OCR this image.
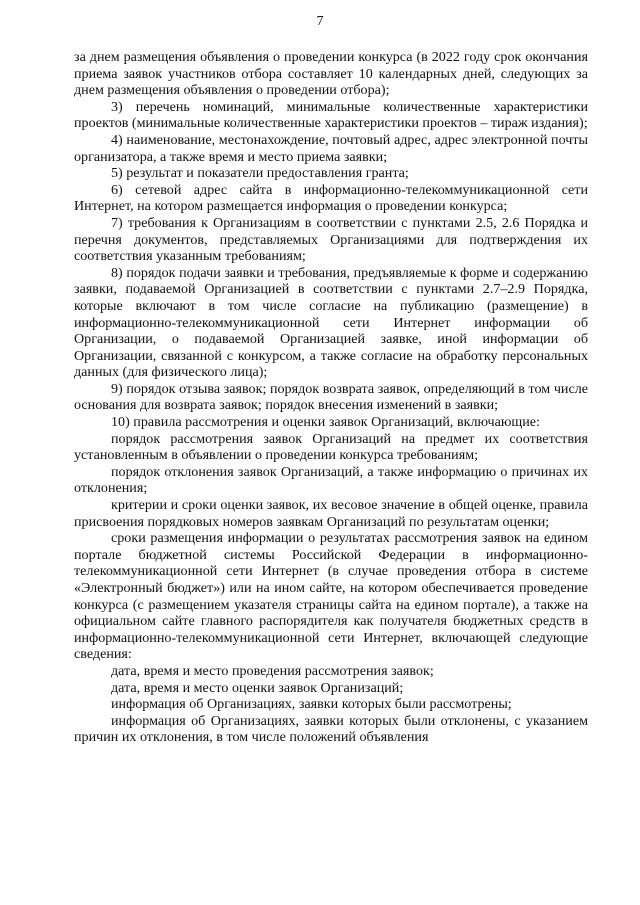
7

за днем размещения объявления о проведении конкурса (в 2022 году срок окончания приема заявок участников отбора составляет 10 календарных дней, следующих за днем размещения объявления о проведении отбора);

3) перечень номинаций, минимальные количественные характеристики проектов (минимальные количественные характеристики проектов – тираж издания);

4) наименование, местонахождение, почтовый адрес, адрес электронной почты организатора, а также время и место приема заявки;

5) результат и показатели предоставления гранта;

6) сетевой адрес сайта в информационно-телекоммуникационной сети Интернет, на котором размещается информация о проведении конкурса;

7) требования к Организациям в соответствии с пунктами 2.5, 2.6 Порядка и перечня документов, представляемых Организациями для подтверждения их соответствия указанным требованиям;

8) порядок подачи заявки и требования, предъявляемые к форме и содержанию заявки, подаваемой Организацией в соответствии с пунктами 2.7–2.9 Порядка, которые включают в том числе согласие на публикацию (размещение) в информационно-телекоммуникационной сети Интернет информации об Организации, о подаваемой Организацией заявке, иной информации об Организации, связанной с конкурсом, а также согласие на обработку персональных данных (для физического лица);

9) порядок отзыва заявок; порядок возврата заявок, определяющий в том числе основания для возврата заявок; порядок внесения изменений в заявки;

10) правила рассмотрения и оценки заявок Организаций, включающие:

порядок рассмотрения заявок Организаций на предмет их соответствия установленным в объявлении о проведении конкурса требованиям;

порядок отклонения заявок Организаций, а также информацию о причинах их отклонения;

критерии и сроки оценки заявок, их весовое значение в общей оценке, правила присвоения порядковых номеров заявкам Организаций по результатам оценки;

сроки размещения информации о результатах рассмотрения заявок на едином портале бюджетной системы Российской Федерации в информационно-телекоммуникационной сети Интернет (в случае проведения отбора в системе «Электронный бюджет») или на ином сайте, на котором обеспечивается проведение конкурса (с размещением указателя страницы сайта на едином портале), а также на официальном сайте главного распорядителя как получателя бюджетных средств в информационно-телекоммуникационной сети Интернет, включающей следующие сведения:

дата, время и место проведения рассмотрения заявок;

дата, время и место оценки заявок Организаций;

информация об Организациях, заявки которых были рассмотрены;

информация об Организациях, заявки которых были отклонены, с указанием причин их отклонения, в том числе положений объявления
